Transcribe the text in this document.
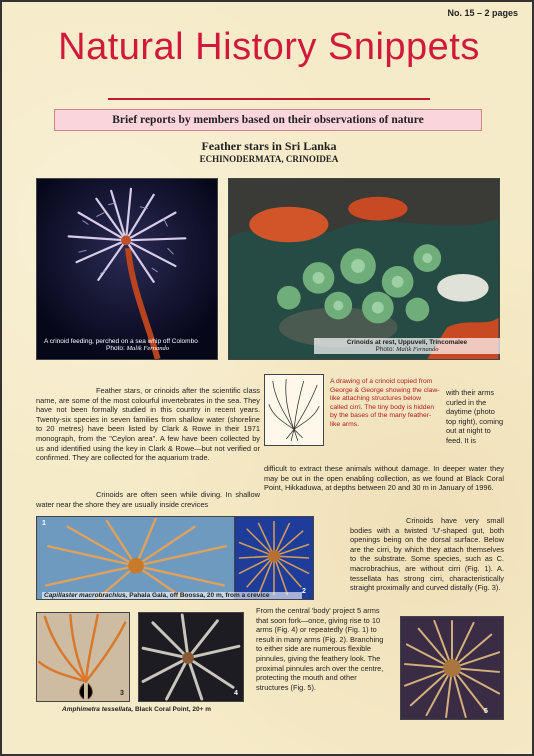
No. 15 – 2 pages
Natural History Snippets
Brief reports by members based on their observations of nature
Feather stars in Sri Lanka
ECHINODERMATA, CRINOIDEA
A crinoid feeding, perched on a sea whip off Colombo
Photo: Malik Fernando
Crinoids at rest, Uppuveli, Trincomalee
Photo: Malik Fernando
Feather stars, or crinoids after the scientific class name, are some of the most colourful invertebrates in the sea. They have not been formally studied in this country in recent years. Twenty-six species in seven families from shallow water (shoreline to 20 metres) have been listed by Clark & Rowe in their 1971 monograph, from the "Ceylon area". A few have been collected by us and identified using the key in Clark & Rowe—but not verified or confirmed. They are collected for the aquarium trade.
Crinoids are often seen while diving. In shallow water near the shore they are usually inside crevices
A drawing of a crinoid copied from George & George showing the claw-like attaching structures below called cirri. The tiny body is hidden by the bases of the many feather-like arms.
with their arms curled in the daytime (photo top right), coming out at night to feed. It is
difficult to extract these animals without damage. In deeper water they may be out in the open enabling collection, as we found at Black Coral Point, Hikkaduwa, at depths between 20 and 30 m in January of 1996.
1
2
Capillaster macrobrachius, Pahala Gala, off Boossa, 20 m, from a crevice
Crinoids have very small bodies with a twisted 'U'-shaped gut, both openings being on the dorsal surface. Below are the cirri, by which they attach themselves to the substrate. Some species, such as C. macrobrachius, are without cirri (Fig. 1). A. tessellata has strong cirri, characteristically straight proximally and curved distally (Fig. 3).
3	4
Amphimetra tessellata, Black Coral Point, 20+ m
From the central 'body' project 5 arms that soon fork—once, giving rise to 10 arms (Fig. 4) or repeatedly (Fig. 1) to result in many arms (Fig. 2). Branching to either side are numerous flexible pinnules, giving the feathery look. The proximal pinnules arch over the centre, protecting the mouth and other structures (Fig. 5).
5
